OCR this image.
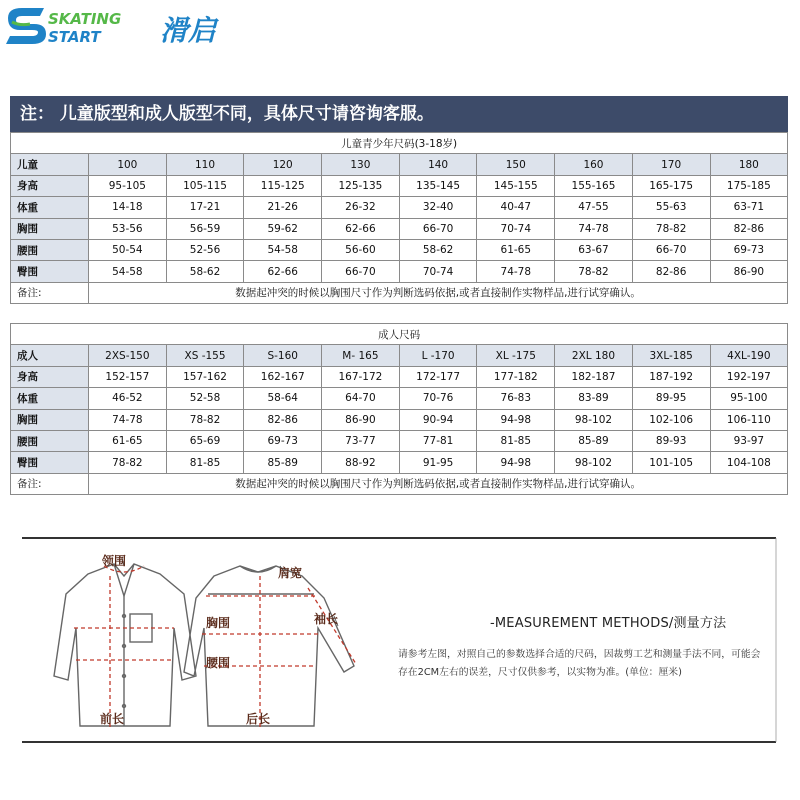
SKATING
START 滑启
注： 儿童版型和成人版型不同，具体尺寸请咨询客服。
儿童青少年尺码(3-18岁)									
儿童	100	110	120	130	140	150	160	170	180
身高	95-105	105-115	115-125	125-135	135-145	145-155	155-165	165-175	175-185
体重	14-18	17-21	21-26	26-32	32-40	40-47	47-55	55-63	63-71
胸围	53-56	56-59	59-62	62-66	66-70	70-74	74-78	78-82	82-86
腰围	50-54	52-56	54-58	56-60	58-62	61-65	63-67	66-70	69-73
臀围	54-58	58-62	62-66	66-70	70-74	74-78	78-82	82-86	86-90
备注:	数据起冲突的时候以胸围尺寸作为判断选码依据,或者直接制作实物样品,进行试穿确认。								
成人尺码									
成人	2XS-150	XS -155	S-160	M- 165	L -170	XL -175	2XL 180	3XL-185	4XL-190
身高	152-157	157-162	162-167	167-172	172-177	177-182	182-187	187-192	192-197
体重	46-52	52-58	58-64	64-70	70-76	76-83	83-89	89-95	95-100
胸围	74-78	78-82	82-86	86-90	90-94	94-98	98-102	102-106	106-110
腰围	61-65	65-69	69-73	73-77	77-81	81-85	85-89	89-93	93-97
臀围	78-82	81-85	85-89	88-92	91-95	94-98	98-102	101-105	104-108
备注:	数据起冲突的时候以胸围尺寸作为判断选码依据,或者直接制作实物样品,进行试穿确认。								
领围
肩宽
袖长
胸围
腰围
前长	后长
-MEASUREMENT METHODS/测量方法
请参考左图，对照自己的参数选择合适的尺码，因裁剪工艺和测量手法不同，可能会存在2CM左右的误差，尺寸仅供参考，以实物为准。(单位：厘米)
